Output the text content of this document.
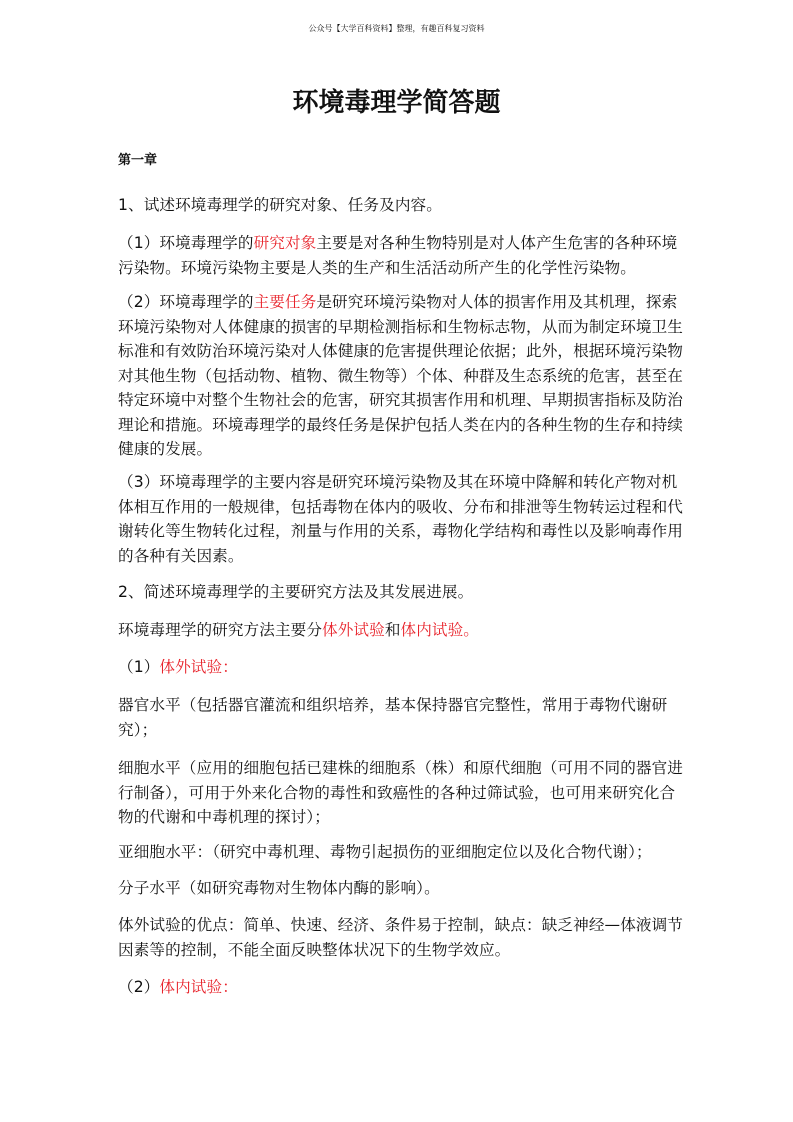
公众号【大学百科资料】整理，有趣百科复习资料
环境毒理学简答题
第一章
1、试述环境毒理学的研究对象、任务及内容。
（1）环境毒理学的研究对象主要是对各种生物特别是对人体产生危害的各种环境污染物。环境污染物主要是人类的生产和生活活动所产生的化学性污染物。
（2）环境毒理学的主要任务是研究环境污染物对人体的损害作用及其机理，探索环境污染物对人体健康的损害的早期检测指标和生物标志物，从而为制定环境卫生标准和有效防治环境污染对人体健康的危害提供理论依据；此外，根据环境污染物对其他生物（包括动物、植物、微生物等）个体、种群及生态系统的危害，甚至在特定环境中对整个生物社会的危害，研究其损害作用和机理、早期损害指标及防治理论和措施。环境毒理学的最终任务是保护包括人类在内的各种生物的生存和持续健康的发展。
（3）环境毒理学的主要内容是研究环境污染物及其在环境中降解和转化产物对机体相互作用的一般规律，包括毒物在体内的吸收、分布和排泄等生物转运过程和代谢转化等生物转化过程，剂量与作用的关系，毒物化学结构和毒性以及影响毒作用的各种有关因素。
2、简述环境毒理学的主要研究方法及其发展进展。
环境毒理学的研究方法主要分体外试验和体内试验。
（1）体外试验：
器官水平（包括器官灌流和组织培养，基本保持器官完整性，常用于毒物代谢研究）；
细胞水平（应用的细胞包括已建株的细胞系（株）和原代细胞（可用不同的器官进行制备），可用于外来化合物的毒性和致癌性的各种过筛试验，也可用来研究化合物的代谢和中毒机理的探讨）；
亚细胞水平：（研究中毒机理、毒物引起损伤的亚细胞定位以及化合物代谢）；
分子水平（如研究毒物对生物体内酶的影响）。
体外试验的优点：简单、快速、经济、条件易于控制，缺点：缺乏神经—体液调节因素等的控制，不能全面反映整体状况下的生物学效应。
（2）体内试验：
